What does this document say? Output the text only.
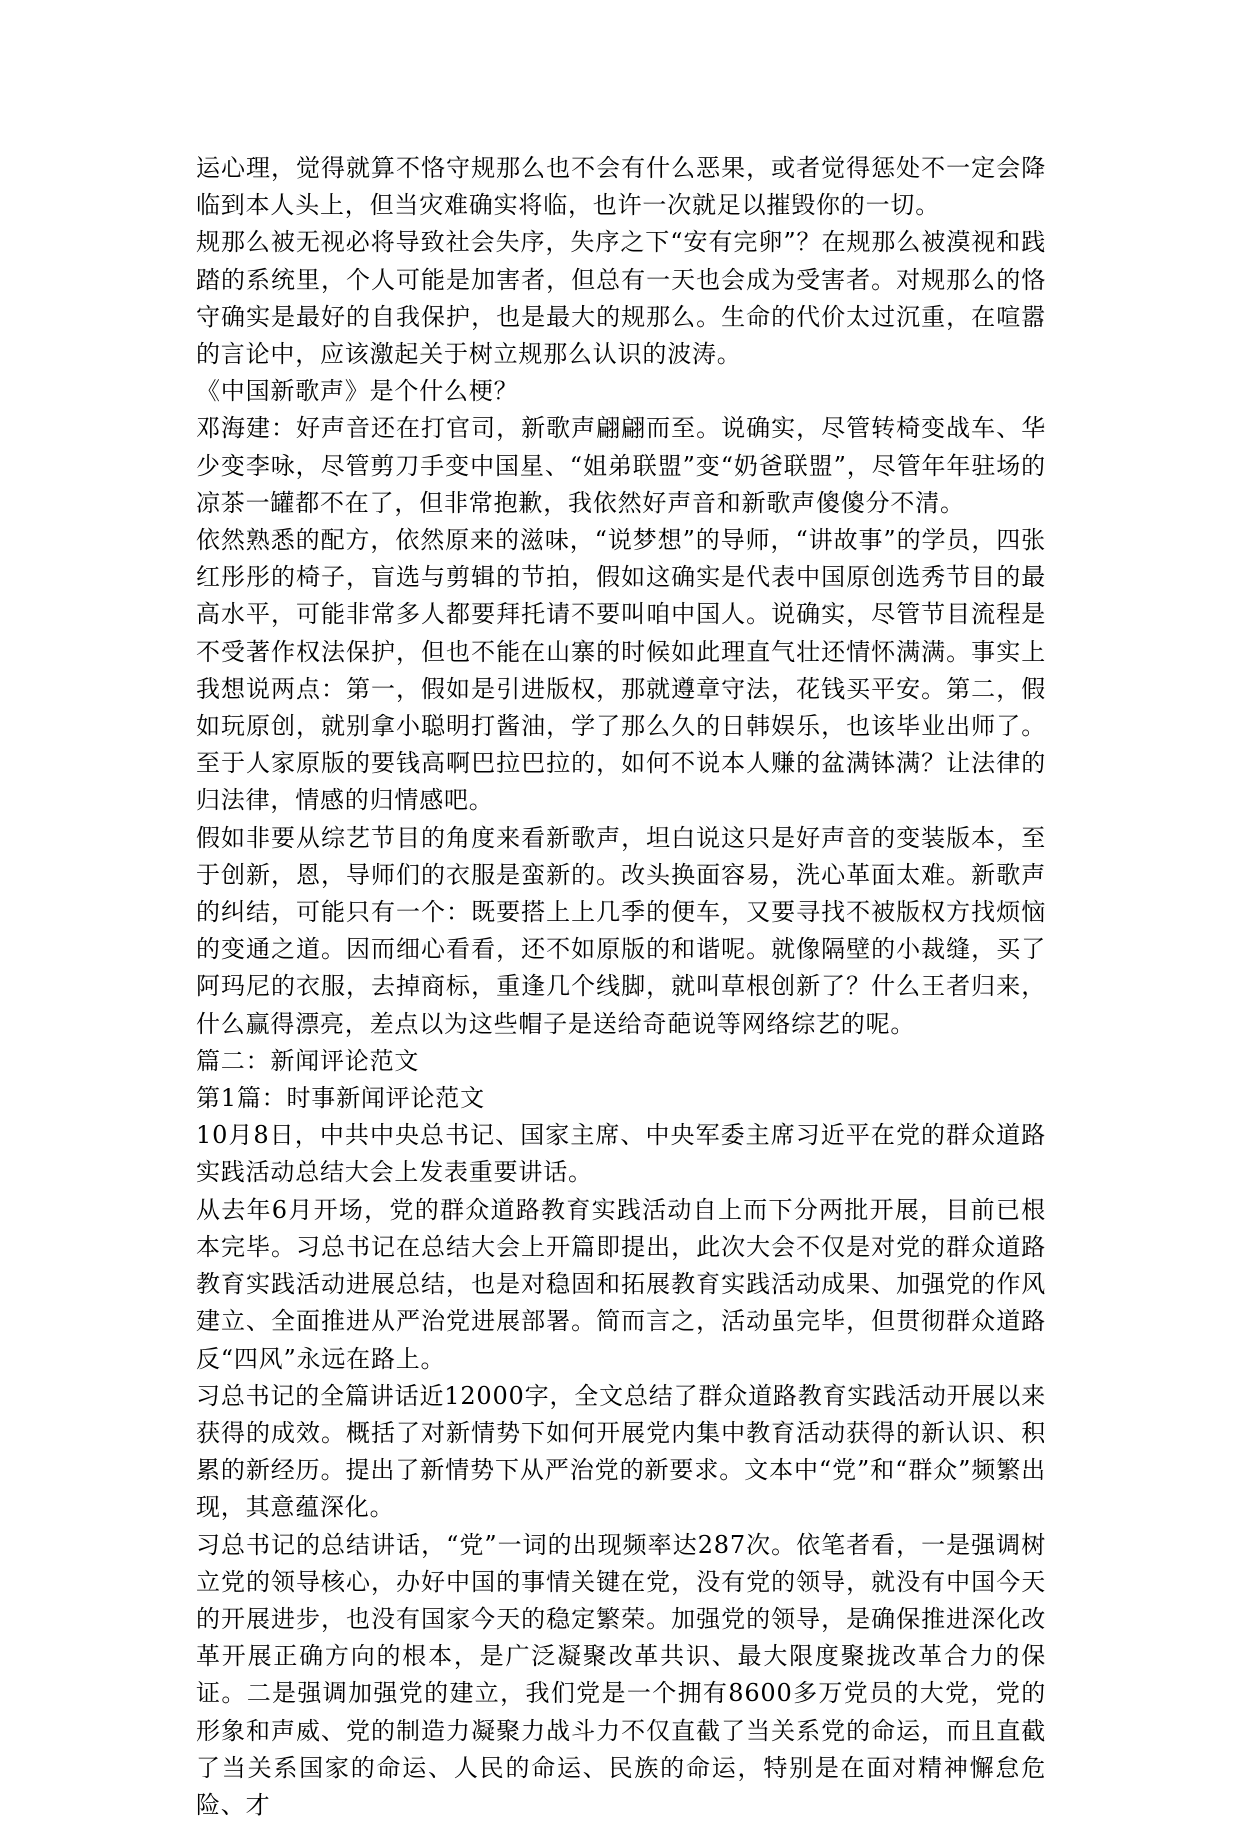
运心理，觉得就算不恪守规那么也不会有什么恶果，或者觉得惩处不一定会降临到本人头上，但当灾难确实将临，也许一次就足以摧毁你的一切。

规那么被无视必将导致社会失序，失序之下“安有完卵”？在规那么被漠视和践踏的系统里，个人可能是加害者，但总有一天也会成为受害者。对规那么的恪守确实是最好的自我保护，也是最大的规那么。生命的代价太过沉重，在喧嚣的言论中，应该激起关于树立规那么认识的波涛。

《中国新歌声》是个什么梗？

邓海建：好声音还在打官司，新歌声翩翩而至。说确实，尽管转椅变战车、华少变李咏，尽管剪刀手变中国星、“姐弟联盟”变“奶爸联盟”，尽管年年驻场的凉茶一罐都不在了，但非常抱歉，我依然好声音和新歌声傻傻分不清。

依然熟悉的配方，依然原来的滋味，“说梦想”的导师，“讲故事”的学员，四张红彤彤的椅子，盲选与剪辑的节拍，假如这确实是代表中国原创选秀节目的最高水平，可能非常多人都要拜托请不要叫咱中国人。说确实，尽管节目流程是不受著作权法保护，但也不能在山寨的时候如此理直气壮还情怀满满。事实上我想说两点：第一，假如是引进版权，那就遵章守法，花钱买平安。第二，假如玩原创，就别拿小聪明打酱油，学了那么久的日韩娱乐，也该毕业出师了。至于人家原版的要钱高啊巴拉巴拉的，如何不说本人赚的盆满钵满？让法律的归法律，情感的归情感吧。

假如非要从综艺节目的角度来看新歌声，坦白说这只是好声音的变装版本，至于创新，恩，导师们的衣服是蛮新的。改头换面容易，洗心革面太难。新歌声的纠结，可能只有一个：既要搭上上几季的便车，又要寻找不被版权方找烦恼的变通之道。因而细心看看，还不如原版的和谐呢。就像隔壁的小裁缝，买了阿玛尼的衣服，去掉商标，重逢几个线脚，就叫草根创新了？什么王者归来，什么赢得漂亮，差点以为这些帽子是送给奇葩说等网络综艺的呢。

篇二：新闻评论范文

第1篇：时事新闻评论范文

10月8日，中共中央总书记、国家主席、中央军委主席习近平在党的群众道路实践活动总结大会上发表重要讲话。

从去年6月开场，党的群众道路教育实践活动自上而下分两批开展，目前已根本完毕。习总书记在总结大会上开篇即提出，此次大会不仅是对党的群众道路教育实践活动进展总结，也是对稳固和拓展教育实践活动成果、加强党的作风建立、全面推进从严治党进展部署。简而言之，活动虽完毕，但贯彻群众道路反“四风”永远在路上。

习总书记的全篇讲话近12000字，全文总结了群众道路教育实践活动开展以来获得的成效。概括了对新情势下如何开展党内集中教育活动获得的新认识、积累的新经历。提出了新情势下从严治党的新要求。文本中“党”和“群众”频繁出现，其意蕴深化。

习总书记的总结讲话，“党”一词的出现频率达287次。依笔者看，一是强调树立党的领导核心，办好中国的事情关键在党，没有党的领导，就没有中国今天的开展进步，也没有国家今天的稳定繁荣。加强党的领导，是确保推进深化改革开展正确方向的根本，是广泛凝聚改革共识、最大限度聚拢改革合力的保证。二是强调加强党的建立，我们党是一个拥有8600多万党员的大党，党的形象和声威、党的制造力凝聚力战斗力不仅直截了当关系党的命运，而且直截了当关系国家的命运、人民的命运、民族的命运，特别是在面对精神懈怠危险、才
